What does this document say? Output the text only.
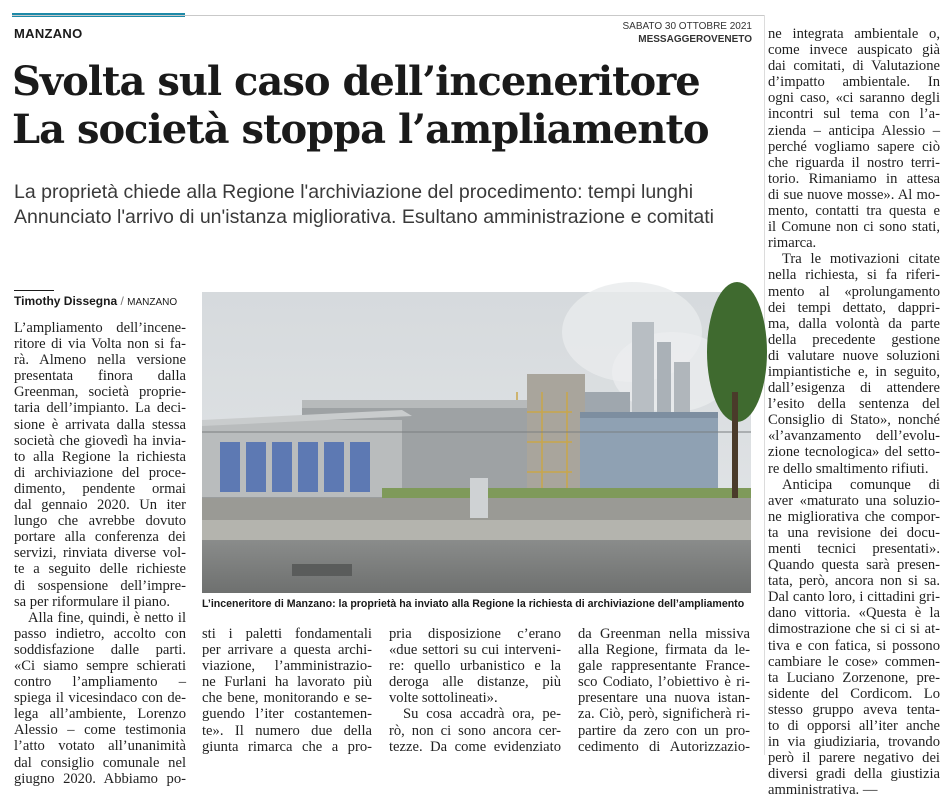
MANZANO	SABATO 30 OTTOBRE 2021
MESSAGGEROVENETO
Svolta sul caso dell’inceneritore
La società stoppa l’ampliamento
La proprietà chiede alla Regione l'archiviazione del procedimento: tempi lunghi
Annunciato l'arrivo di un'istanza migliorativa. Esultano amministrazione e comitati
Timothy Dissegna / MANZANO

L’ampliamento dell’incene-
ritore di via Volta non si fa-
rà. Almeno nella versione
presentata finora dalla
Greenman, società proprie-
taria dell’impianto. La deci-
sione è arrivata dalla stessa
società che giovedì ha invia-
to alla Regione la richiesta
di archiviazione del proce-
dimento, pendente ormai
dal gennaio 2020. Un iter
lungo che avrebbe dovuto
portare alla conferenza dei
servizi, rinviata diverse vol-
te a seguito delle richieste
di sospensione dell’impre-
sa per riformulare il piano.

Alla fine, quindi, è netto il
passo indietro, accolto con
soddisfazione dalle parti.
«Ci siamo sempre schierati
contro l’ampliamento –
spiega il vicesindaco con de-
lega all’ambiente, Lorenzo
Alessio – come testimonia
l’atto votato all’unanimità
dal consiglio comunale nel
giugno 2020. Abbiamo po-

sti i paletti fondamentali
per arrivare a questa archi-
viazione, l’amministrazio-
ne Furlani ha lavorato più
che bene, monitorando e se-
guendo l’iter costantemen-
te». Il numero due della
giunta rimarca che a pro-

pria disposizione c’erano
«due settori su cui interveni-
re: quello urbanistico e la
deroga alle distanze, più
volte sottolineati».

Su cosa accadrà ora, pe-
rò, non ci sono ancora cer-
tezze. Da come evidenziato

da Greenman nella missiva
alla Regione, firmata da le-
gale rappresentante France-
sco Codiato, l’obiettivo è ri-
presentare una nuova istan-
za. Ciò, però, significherà ri-
partire da zero con un pro-
cedimento di Autorizzazio-

ne integrata ambientale o,
come invece auspicato già
dai comitati, di Valutazione
d’impatto ambientale. In
ogni caso, «ci saranno degli
incontri sul tema con l’a-
zienda – anticipa Alessio –
perché vogliamo sapere ciò
che riguarda il nostro terri-
torio. Rimaniamo in attesa
di sue nuove mosse». Al mo-
mento, contatti tra questa e
il Comune non ci sono stati,
rimarca.

Tra le motivazioni citate
nella richiesta, si fa riferi-
mento al «prolungamento
dei tempi dettato, dappri-
ma, dalla volontà da parte
della precedente gestione
di valutare nuove soluzioni
impiantistiche e, in seguito,
dall’esigenza di attendere
l’esito della sentenza del
Consiglio di Stato», nonché
«l’avanzamento dell’evolu-
zione tecnologica» del setto-
re dello smaltimento rifiuti.

Anticipa comunque di
aver «maturato una soluzio-
ne migliorativa che compor-
ta una revisione dei docu-
menti tecnici presentati».
Quando questa sarà presen-
tata, però, ancora non si sa.
Dal canto loro, i cittadini gri-
dano vittoria. «Questa è la
dimostrazione che si ci si at-
tiva e con fatica, si possono
cambiare le cose» commen-
ta Luciano Zorzenone, pre-
sidente del Cordicom. Lo
stesso gruppo aveva tenta-
to di opporsi all’iter anche
in via giudiziaria, trovando
però il parere negativo dei
diversi gradi della giustizia
amministrativa. —

L’inceneritore di Manzano: la proprietà ha inviato alla Regione la richiesta di archiviazione dell’ampliamento
